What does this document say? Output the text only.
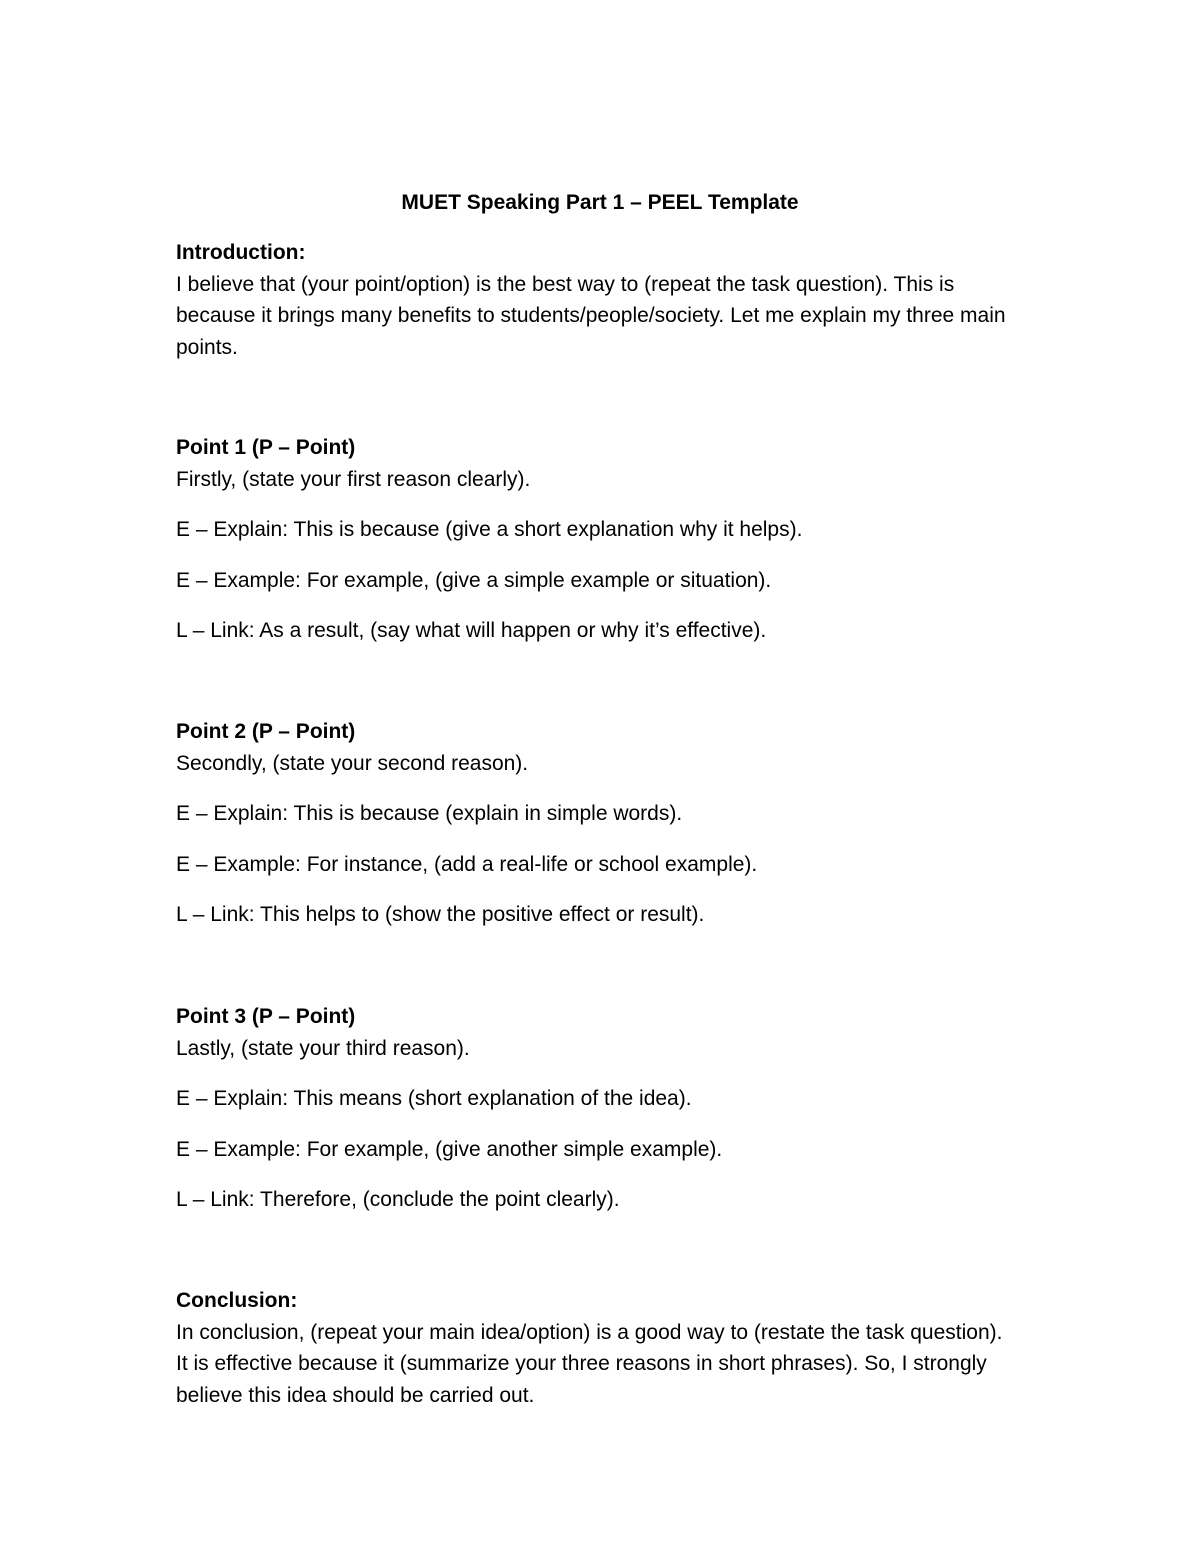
MUET Speaking Part 1 – PEEL Template

Introduction:

I believe that (your point/option) is the best way to (repeat the task question). This is because it brings many benefits to students/people/society. Let me explain my three main points.

Point 1 (P – Point)

Firstly, (state your first reason clearly).

E – Explain: This is because (give a short explanation why it helps).

E – Example: For example, (give a simple example or situation).

L – Link: As a result, (say what will happen or why it’s effective).

Point 2 (P – Point)

Secondly, (state your second reason).

E – Explain: This is because (explain in simple words).

E – Example: For instance, (add a real-life or school example).

L – Link: This helps to (show the positive effect or result).

Point 3 (P – Point)

Lastly, (state your third reason).

E – Explain: This means (short explanation of the idea).

E – Example: For example, (give another simple example).

L – Link: Therefore, (conclude the point clearly).

Conclusion:

In conclusion, (repeat your main idea/option) is a good way to (restate the task question). It is effective because it (summarize your three reasons in short phrases). So, I strongly believe this idea should be carried out.
